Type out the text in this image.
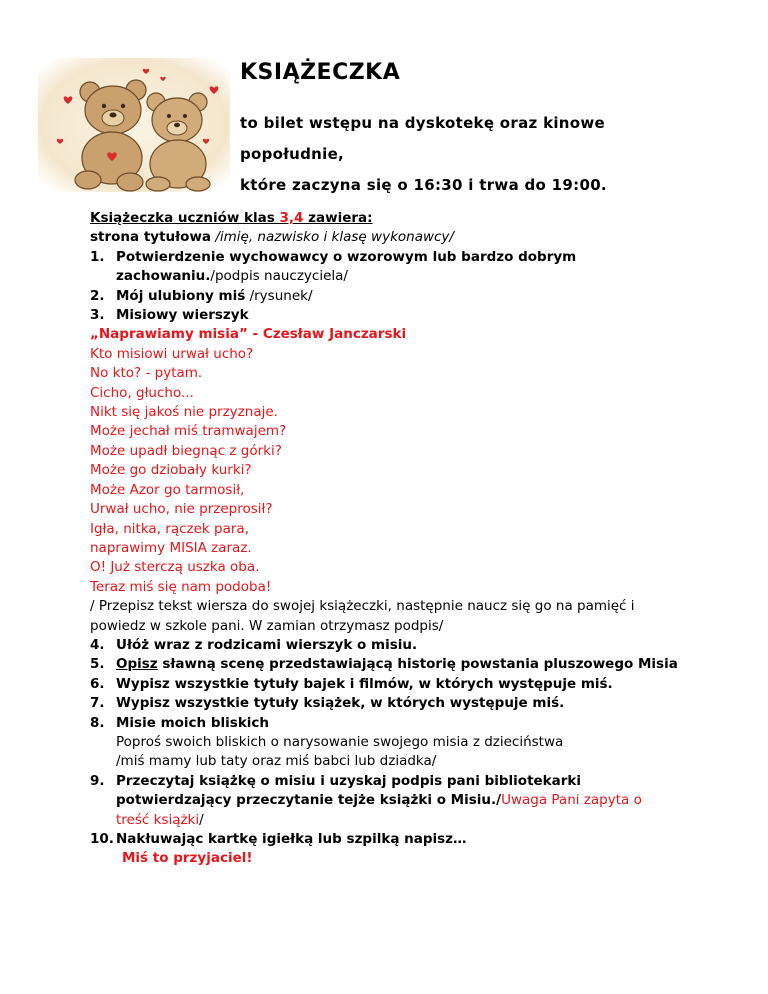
KSIĄŻECZKA
to bilet wstępu na dyskotekę oraz kinowe
popołudnie,
które zaczyna się o 16:30 i trwa do 19:00.
Książeczka uczniów klas 3,4 zawiera:
strona tytułowa /imię, nazwisko i klasę wykonawcy/
1. Potwierdzenie wychowawcy o wzorowym lub bardzo dobrym
zachowaniu./podpis nauczyciela/
2. Mój ulubiony miś /rysunek/
3. Misiowy wierszyk
„Naprawiamy misia” - Czesław Janczarski
Kto misiowi urwał ucho?
No kto? - pytam.
Cicho, głucho...
Nikt się jakoś nie przyznaje.
Może jechał miś tramwajem?
Może upadł biegnąc z górki?
Może go dziobały kurki?
Może Azor go tarmosił,
Urwał ucho, nie przeprosił?
Igła, nitka, rączek para,
naprawimy MISIA zaraz.
O! Już sterczą uszka oba.
Teraz miś się nam podoba!
/ Przepisz tekst wiersza do swojej książeczki, następnie naucz się go na pamięć i
powiedz w szkole pani. W zamian otrzymasz podpis/
4. Ułóż wraz z rodzicami wierszyk o misiu.
5. Opisz sławną scenę przedstawiającą historię powstania pluszowego Misia
6. Wypisz wszystkie tytuły bajek i filmów, w których występuje miś.
7. Wypisz wszystkie tytuły książek, w których występuje miś.
8. Misie moich bliskich
Poproś swoich bliskich o narysowanie swojego misia z dzieciństwa
/miś mamy lub taty oraz miś babci lub dziadka/
9. Przeczytaj książkę o misiu i uzyskaj podpis pani bibliotekarki
potwierdzający przeczytanie tejże książki o Misiu./Uwaga Pani zapyta o
treść książki/
10. Nakłuwając kartkę igiełką lub szpilką napisz…
Miś to przyjaciel!
